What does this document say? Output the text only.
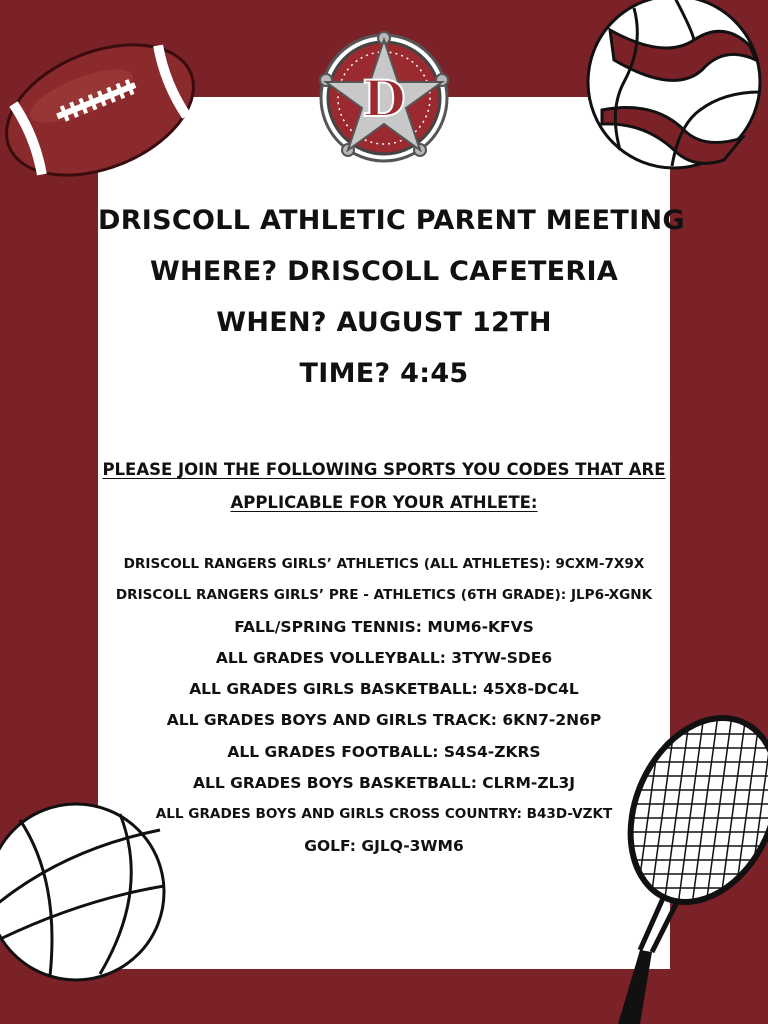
D

DRISCOLL ATHLETIC PARENT MEETING

WHERE? DRISCOLL CAFETERIA

WHEN? AUGUST 12TH

TIME? 4:45

PLEASE JOIN THE FOLLOWING SPORTS YOU CODES THAT ARE

APPLICABLE FOR YOUR ATHLETE:

DRISCOLL RANGERS GIRLS’ ATHLETICS (ALL ATHLETES): 9CXM-7X9X
DRISCOLL RANGERS GIRLS’ PRE - ATHLETICS (6TH GRADE): JLP6-XGNK
FALL/SPRING TENNIS: MUM6-KFVS
ALL GRADES VOLLEYBALL: 3TYW-SDE6
ALL GRADES GIRLS BASKETBALL: 45X8-DC4L
ALL GRADES BOYS AND GIRLS TRACK: 6KN7-2N6P
ALL GRADES FOOTBALL: S4S4-ZKRS
ALL GRADES BOYS BASKETBALL: CLRM-ZL3J
ALL GRADES BOYS AND GIRLS CROSS COUNTRY: B43D-VZKT
GOLF: GJLQ-3WM6
